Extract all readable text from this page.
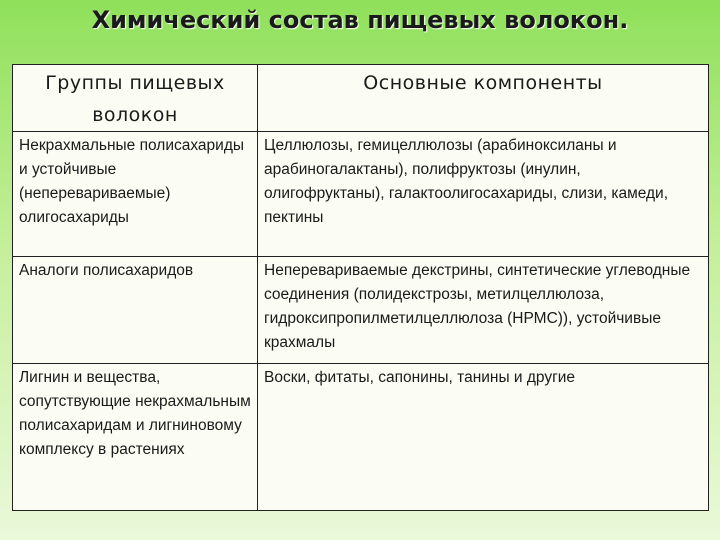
Химический состав пищевых волокон.
Группы пищевых волокон	Основные компоненты
Некрахмальные полисахариды и устойчивые (неперевариваемые) олигосахариды	Целлюлозы, гемицеллюлозы (арабиноксиланы и арабиногалактаны), полифруктозы (инулин, олигофруктаны), галактоолигосахариды, слизи, камеди, пектины
Аналоги полисахаридов	Неперевариваемые декстрины, синтетические углеводные соединения (полидекстрозы, метилцеллюлоза, гидроксипропилметилцеллюлоза (НРМС)), устойчивые крахмалы
Лигнин и вещества, сопутствующие некрахмальным полисахаридам и лигниновому комплексу в растениях	Воски, фитаты, сапонины, танины и другие
